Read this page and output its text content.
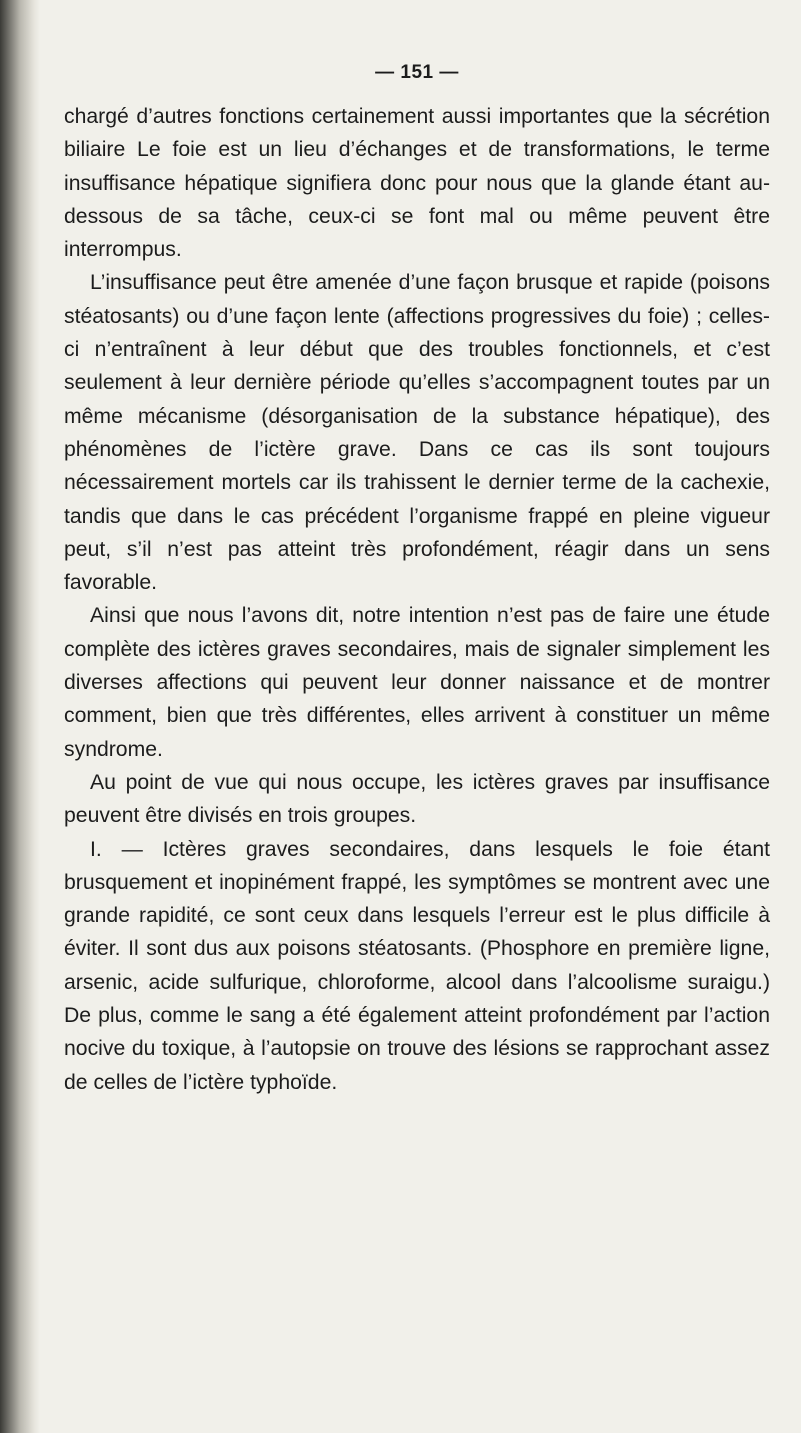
— 151 —

chargé d’autres fonctions certainement aussi importantes que la sécrétion biliaire Le foie est un lieu d’échanges et de transformations, le terme insuffisance hépatique signifiera donc pour nous que la glande étant au-dessous de sa tâche, ceux-ci se font mal ou même peuvent être interrompus.

L’insuffisance peut être amenée d’une façon brusque et rapide (poisons stéatosants) ou d’une façon lente (affections progressives du foie) ; celles-ci n’entraînent à leur début que des troubles fonctionnels, et c’est seulement à leur dernière période qu’elles s’accompagnent toutes par un même mécanisme (désorganisation de la substance hépatique), des phénomènes de l’ictère grave. Dans ce cas ils sont toujours nécessairement mortels car ils trahissent le dernier terme de la cachexie, tandis que dans le cas précédent l’organisme frappé en pleine vigueur peut, s’il n’est pas atteint très profondément, réagir dans un sens favorable.

Ainsi que nous l’avons dit, notre intention n’est pas de faire une étude complète des ictères graves secondaires, mais de signaler simplement les diverses affections qui peuvent leur donner naissance et de montrer comment, bien que très différentes, elles arrivent à constituer un même syndrome.

Au point de vue qui nous occupe, les ictères graves par insuffisance peuvent être divisés en trois groupes.

I. — Ictères graves secondaires, dans lesquels le foie étant brusquement et inopinément frappé, les symptômes se montrent avec une grande rapidité, ce sont ceux dans lesquels l’erreur est le plus difficile à éviter. Il sont dus aux poisons stéatosants. (Phosphore en première ligne, arsenic, acide sulfurique, chloroforme, alcool dans l’alcoolisme suraigu.) De plus, comme le sang a été également atteint profondément par l’action nocive du toxique, à l’autopsie on trouve des lésions se rapprochant assez de celles de l’ictère typhoïde.
